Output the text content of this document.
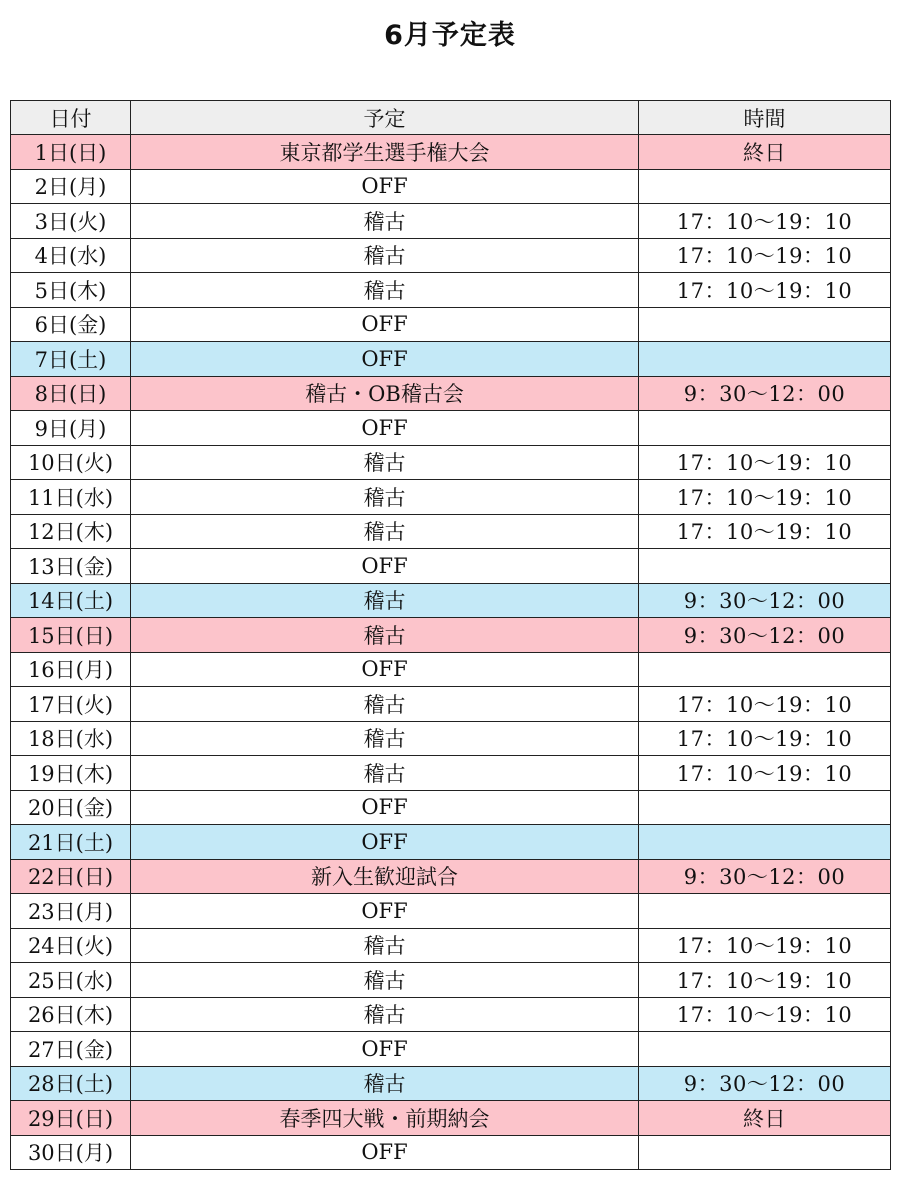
6月予定表
日付	予定	時間
1日(日)	東京都学生選手権大会	終日
2日(月)	OFF	
3日(火)	稽古	17：10〜19：10
4日(水)	稽古	17：10〜19：10
5日(木)	稽古	17：10〜19：10
6日(金)	OFF	
7日(土)	OFF	
8日(日)	稽古・OB稽古会	9：30〜12：00
9日(月)	OFF	
10日(火)	稽古	17：10〜19：10
11日(水)	稽古	17：10〜19：10
12日(木)	稽古	17：10〜19：10
13日(金)	OFF	
14日(土)	稽古	9：30〜12：00
15日(日)	稽古	9：30〜12：00
16日(月)	OFF	
17日(火)	稽古	17：10〜19：10
18日(水)	稽古	17：10〜19：10
19日(木)	稽古	17：10〜19：10
20日(金)	OFF	
21日(土)	OFF	
22日(日)	新入生歓迎試合	9：30〜12：00
23日(月)	OFF	
24日(火)	稽古	17：10〜19：10
25日(水)	稽古	17：10〜19：10
26日(木)	稽古	17：10〜19：10
27日(金)	OFF	
28日(土)	稽古	9：30〜12：00
29日(日)	春季四大戦・前期納会	終日
30日(月)	OFF	
